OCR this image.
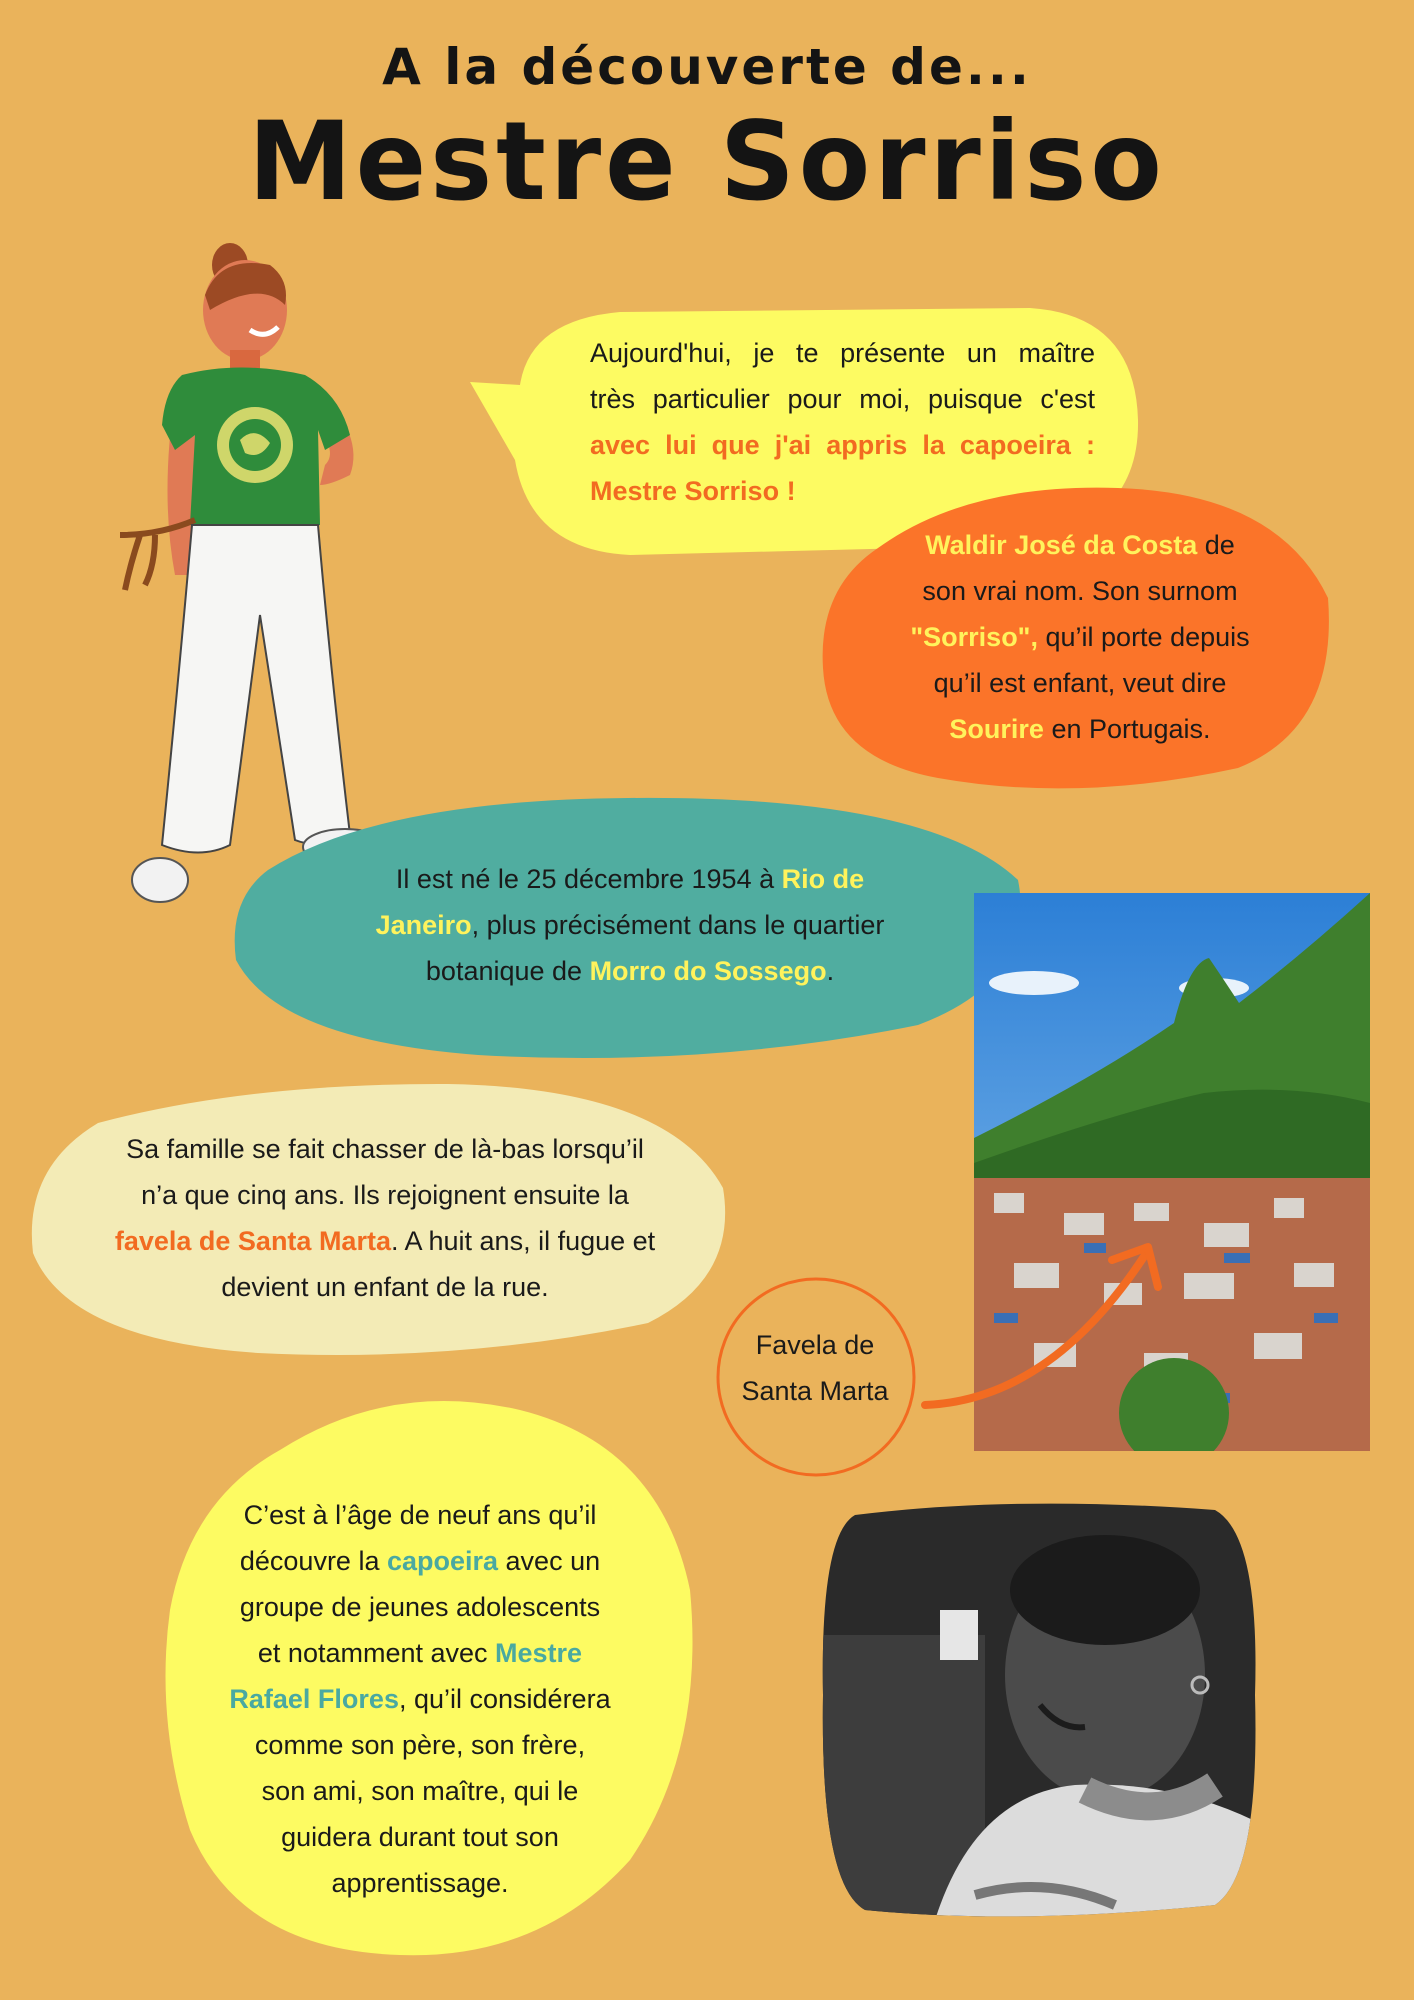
A la découverte de...
Mestre Sorriso
Aujourd'hui, je te présente un maître
très particulier pour moi, puisque c'est
avec lui que j'ai appris la capoeira :
Mestre Sorriso !
Waldir José da Costa de
son vrai nom. Son surnom
"Sorriso", qu’il porte depuis
qu’il est enfant, veut dire
Sourire en Portugais.
Il est né le 25 décembre 1954 à Rio de
Janeiro, plus précisément dans le quartier
botanique de Morro do Sossego.
Sa famille se fait chasser de là-bas lorsqu’il
n’a que cinq ans. Ils rejoignent ensuite la
favela de Santa Marta. A huit ans, il fugue et
devient un enfant de la rue.
Favela de
Santa Marta
C’est à l’âge de neuf ans qu’il
découvre la capoeira avec un
groupe de jeunes adolescents
et notamment avec Mestre
Rafael Flores, qu’il considérera
comme son père, son frère,
son ami, son maître, qui le
guidera durant tout son
apprentissage.
